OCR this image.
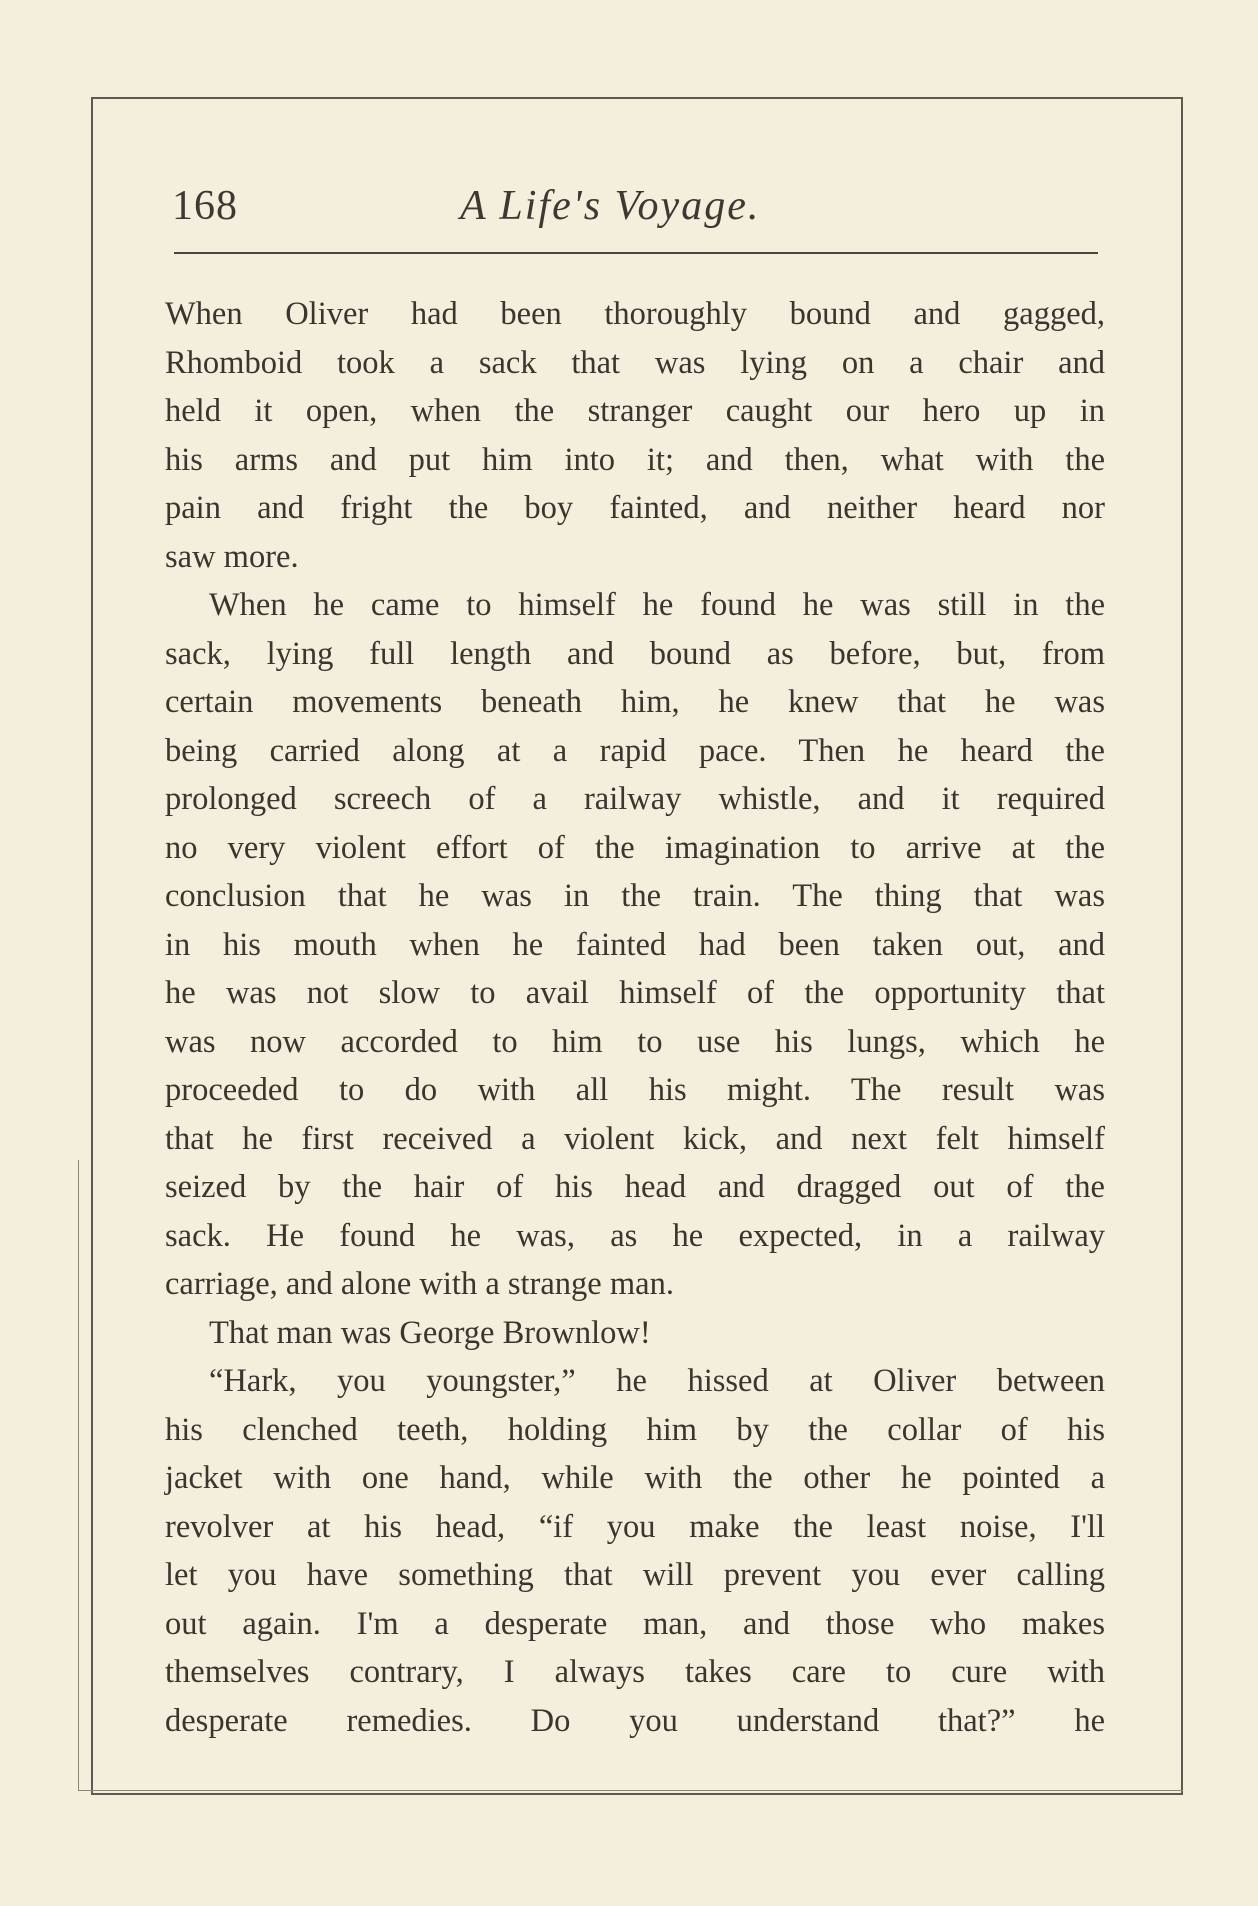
168	A Life's Voyage.
When Oliver had been thoroughly bound and gagged,
Rhomboid took a sack that was lying on a chair and
held it open, when the stranger caught our hero up in
his arms and put him into it; and then, what with the
pain and fright the boy fainted, and neither heard nor
saw more.
When he came to himself he found he was still in the
sack, lying full length and bound as before, but, from
certain movements beneath him, he knew that he was
being carried along at a rapid pace. Then he heard the
prolonged screech of a railway whistle, and it required
no very violent effort of the imagination to arrive at the
conclusion that he was in the train. The thing that was
in his mouth when he fainted had been taken out, and
he was not slow to avail himself of the opportunity that
was now accorded to him to use his lungs, which he
proceeded to do with all his might. The result was
that he first received a violent kick, and next felt himself
seized by the hair of his head and dragged out of the
sack. He found he was, as he expected, in a railway
carriage, and alone with a strange man.
That man was George Brownlow!
“Hark, you youngster,” he hissed at Oliver between
his clenched teeth, holding him by the collar of his
jacket with one hand, while with the other he pointed a
revolver at his head, “if you make the least noise, I'll
let you have something that will prevent you ever calling
out again. I'm a desperate man, and those who makes
themselves contrary, I always takes care to cure with
desperate remedies. Do you understand that?” he
